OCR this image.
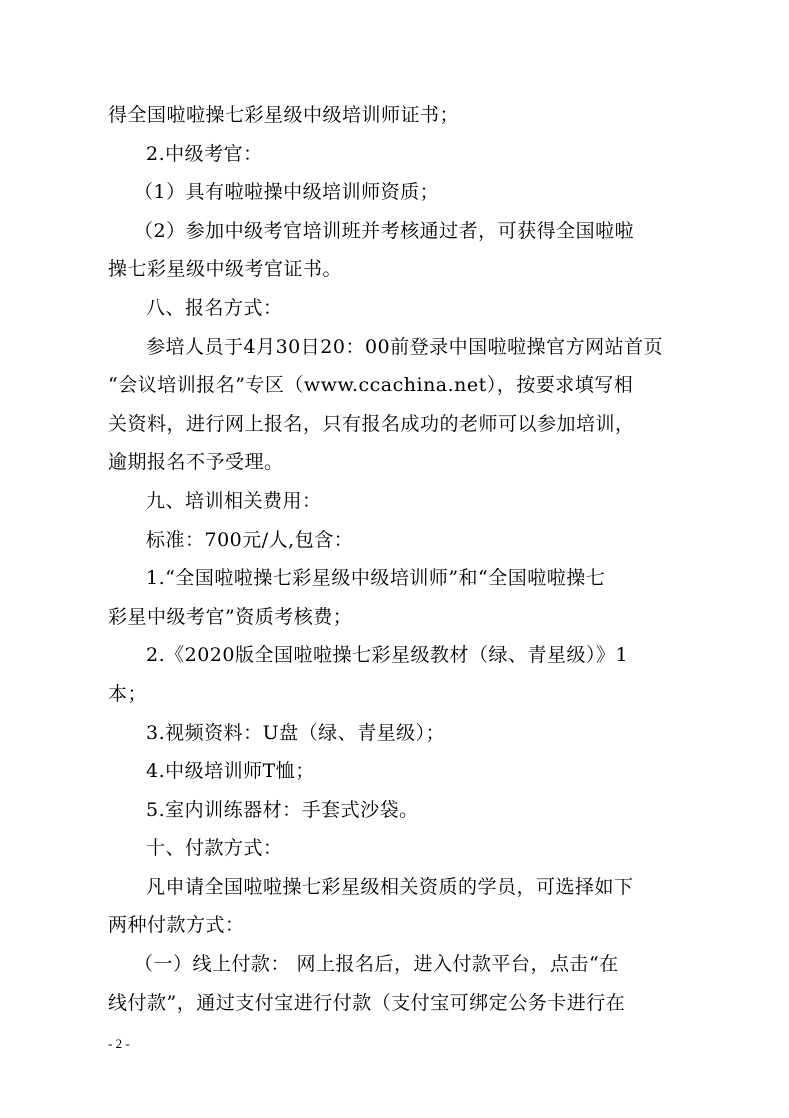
得全国啦啦操七彩星级中级培训师证书；
2.中级考官：
（1）具有啦啦操中级培训师资质；
（2）参加中级考官培训班并考核通过者，可获得全国啦啦
操七彩星级中级考官证书。
八、报名方式：
参培人员于4月30日20：00前登录中国啦啦操官方网站首页
“会议培训报名”专区（www.ccachina.net），按要求填写相
关资料，进行网上报名，只有报名成功的老师可以参加培训，
逾期报名不予受理。
九、培训相关费用：
标准：700元/人,包含：
1.“全国啦啦操七彩星级中级培训师”和“全国啦啦操七
彩星中级考官”资质考核费；
2.《2020版全国啦啦操七彩星级教材（绿、青星级）》1
本；
3.视频资料：U盘（绿、青星级）；
4.中级培训师T恤；
5.室内训练器材：手套式沙袋。
十、付款方式：
凡申请全国啦啦操七彩星级相关资质的学员，可选择如下
两种付款方式：
（一）线上付款： 网上报名后，进入付款平台，点击“在
线付款”，通过支付宝进行付款（支付宝可绑定公务卡进行在
- 2 -
